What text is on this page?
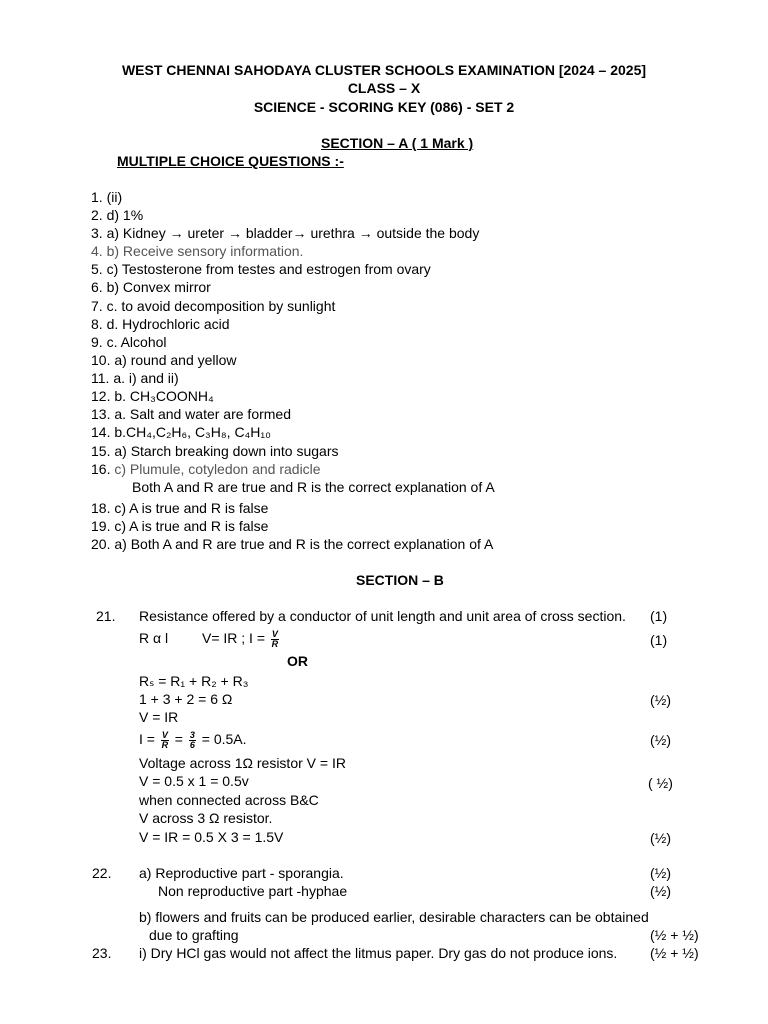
WEST CHENNAI SAHODAYA CLUSTER SCHOOLS EXAMINATION [2024 – 2025]
CLASS – X
SCIENCE - SCORING KEY (086) - SET 2
SECTION – A ( 1 Mark )
MULTIPLE CHOICE QUESTIONS :-
1. (ii)
2. d) 1%
3. a) Kidney → ureter → bladder→ urethra → outside the body
4. b) Receive sensory information.
5. c) Testosterone from testes and estrogen from ovary
6. b) Convex mirror
7. c. to avoid decomposition by sunlight
8. d. Hydrochloric acid
9. c. Alcohol
10. a) round and yellow
11. a. i) and ii)
12. b. CH₃COONH₄
13. a. Salt and water are formed
14. b.CH₄,C₂H₆, C₃H₈, C₄H₁₀
15. a) Starch breaking down into sugars
16. c) Plumule, cotyledon and radicle
Both A and R are true and R is the correct explanation of A
18. c) A is true and R is false
19. c) A is true and R is false
20. a) Both A and R are true and R is the correct explanation of A
SECTION – B
21. Resistance offered by a conductor of unit length and unit area of cross section. (1)
R α l V= IR ; $I = \frac{V}{R}$	(1)
OR
Rₛ = R₁ + R₂ + R₃
1 + 3 + 2 = 6 Ω	(½)
V = IR
$I = \frac{V}{R} = \frac{3}{6} = 0.5A$.	(½)
Voltage across 1Ω resistor V = IR
V = 0.5 x 1 = 0.5v	( ½)
when connected across B&C
V across 3 Ω resistor.
V = IR = 0.5 X 3 = 1.5V	(½)
22. a) Reproductive part - sporangia.	(½)
Non reproductive part -hyphae	(½)
b) flowers and fruits can be produced earlier, desirable characters can be obtained
due to grafting	(½ + ½)
23. i) Dry HCl gas would not affect the litmus paper. Dry gas do not produce ions. (½ + ½)
